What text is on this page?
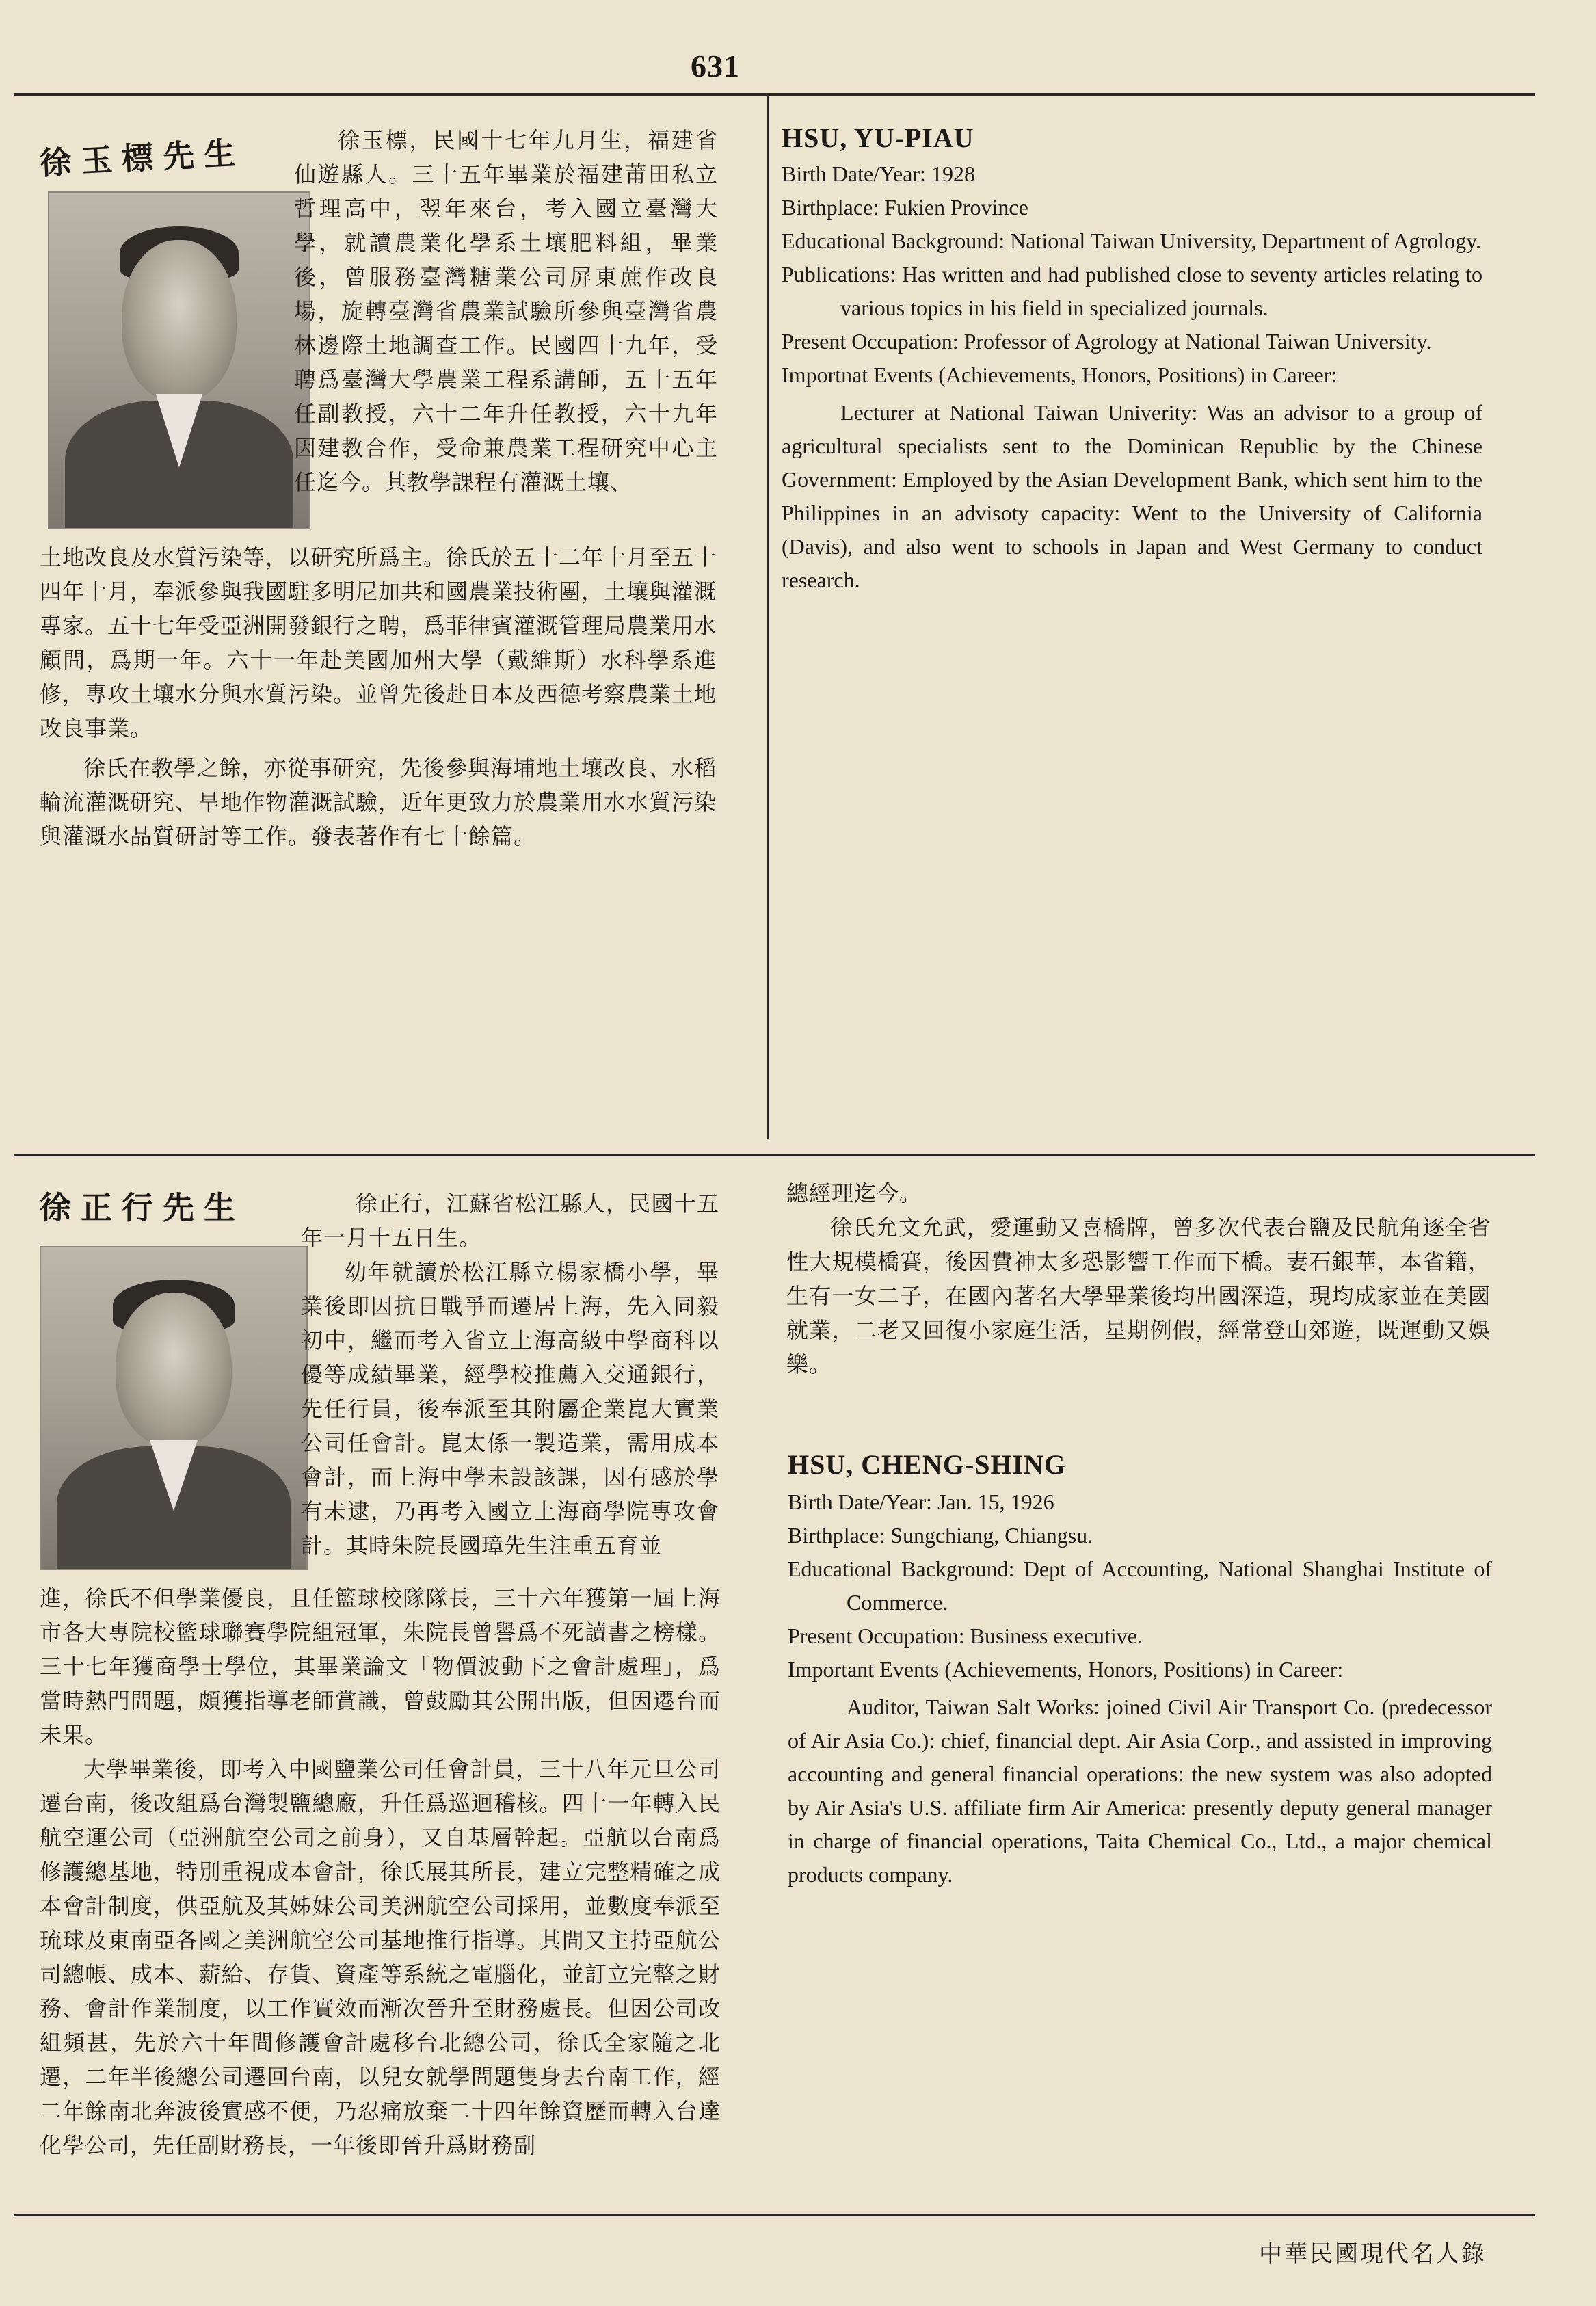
631
徐玉標先生	徐玉標，民國十七年九月生，福建省仙遊縣人。三十五年畢業於福建莆田私立哲理高中，翌年來台，考入國立臺灣大學，就讀農業化學系土壤肥料組，畢業後，曾服務臺灣糖業公司屏東蔗作改良場，旋轉臺灣省農業試驗所參與臺灣省農林邊際土地調查工作。民國四十九年，受聘爲臺灣大學農業工程系講師，五十五年任副教授，六十二年升任教授，六十九年因建教合作，受命兼農業工程研究中心主任迄今。其教學課程有灌溉土壤、

土地改良及水質污染等，以研究所爲主。徐氏於五十二年十月至五十四年十月，奉派參與我國駐多明尼加共和國農業技術團，土壤與灌溉專家。五十七年受亞洲開發銀行之聘，爲菲律賓灌溉管理局農業用水顧問，爲期一年。六十一年赴美國加州大學（戴維斯）水科學系進修，專攻土壤水分與水質污染。並曾先後赴日本及西德考察農業土地改良事業。

徐氏在教學之餘，亦從事研究，先後參與海埔地土壤改良、水稻輪流灌溉研究、旱地作物灌溉試驗，近年更致力於農業用水水質污染與灌溉水品質研討等工作。發表著作有七十餘篇。

HSU, YU-PIAU

Birth Date/Year: 1928

Birthplace: Fukien Province

Educational Background: National Taiwan University, Department of Agrology.

Publications: Has written and had published close to seventy articles relating to various topics in his field in specialized journals.

Present Occupation: Professor of Agrology at National Taiwan University.

Importnat Events (Achievements, Honors, Positions) in Career:

Lecturer at National Taiwan Univerity: Was an advisor to a group of agricultural specialists sent to the Dominican Republic by the Chinese Government: Employed by the Asian Development Bank, which sent him to the Philippines in an advisoty capacity: Went to the University of California (Davis), and also went to schools in Japan and West Germany to conduct research.

徐正行先生	徐正行，江蘇省松江縣人，民國十五年一月十五日生。

幼年就讀於松江縣立楊家橋小學，畢業後即因抗日戰爭而遷居上海，先入同毅初中，繼而考入省立上海高級中學商科以優等成績畢業，經學校推薦入交通銀行，先任行員，後奉派至其附屬企業崑大實業公司任會計。崑太係一製造業，需用成本會計，而上海中學未設該課，因有感於學有未逮，乃再考入國立上海商學院專攻會計。其時朱院長國璋先生注重五育並

進，徐氏不但學業優良，且任籃球校隊隊長，三十六年獲第一屆上海市各大專院校籃球聯賽學院組冠軍，朱院長曾譽爲不死讀書之榜樣。三十七年獲商學士學位，其畢業論文「物價波動下之會計處理」，爲當時熱門問題，頗獲指導老師賞識，曾鼓勵其公開出版，但因遷台而未果。

大學畢業後，即考入中國鹽業公司任會計員，三十八年元旦公司遷台南，後改組爲台灣製鹽總廠，升任爲巡迴稽核。四十一年轉入民航空運公司（亞洲航空公司之前身），又自基層幹起。亞航以台南爲修護總基地，特別重視成本會計，徐氏展其所長，建立完整精確之成本會計制度，供亞航及其姊妹公司美洲航空公司採用，並數度奉派至琉球及東南亞各國之美洲航空公司基地推行指導。其間又主持亞航公司總帳、成本、薪給、存貨、資產等系統之電腦化，並訂立完整之財務、會計作業制度，以工作實效而漸次晉升至財務處長。但因公司改組頻甚，先於六十年間修護會計處移台北總公司，徐氏全家隨之北遷，二年半後總公司遷回台南，以兒女就學問題隻身去台南工作，經二年餘南北奔波後實感不便，乃忍痛放棄二十四年餘資歷而轉入台達化學公司，先任副財務長，一年後即晉升爲財務副

總經理迄今。

徐氏允文允武，愛運動又喜橋牌，曾多次代表台鹽及民航角逐全省性大規模橋賽，後因費神太多恐影響工作而下橋。妻石銀華，本省籍，生有一女二子，在國內著名大學畢業後均出國深造，現均成家並在美國就業，二老又回復小家庭生活，星期例假，經常登山郊遊，既運動又娛樂。

HSU, CHENG-SHING

Birth Date/Year: Jan. 15, 1926

Birthplace: Sungchiang, Chiangsu.

Educational Background: Dept of Accounting, National Shanghai Institute of Commerce.

Present Occupation: Business executive.

Important Events (Achievements, Honors, Positions) in Career:

Auditor, Taiwan Salt Works: joined Civil Air Transport Co. (predecessor of Air Asia Co.): chief, financial dept. Air Asia Corp., and assisted in improving accounting and general financial operations: the new system was also adopted by Air Asia's U.S. affiliate firm Air America: presently deputy general manager in charge of financial operations, Taita Chemical Co., Ltd., a major chemical products company.

中華民國現代名人錄
